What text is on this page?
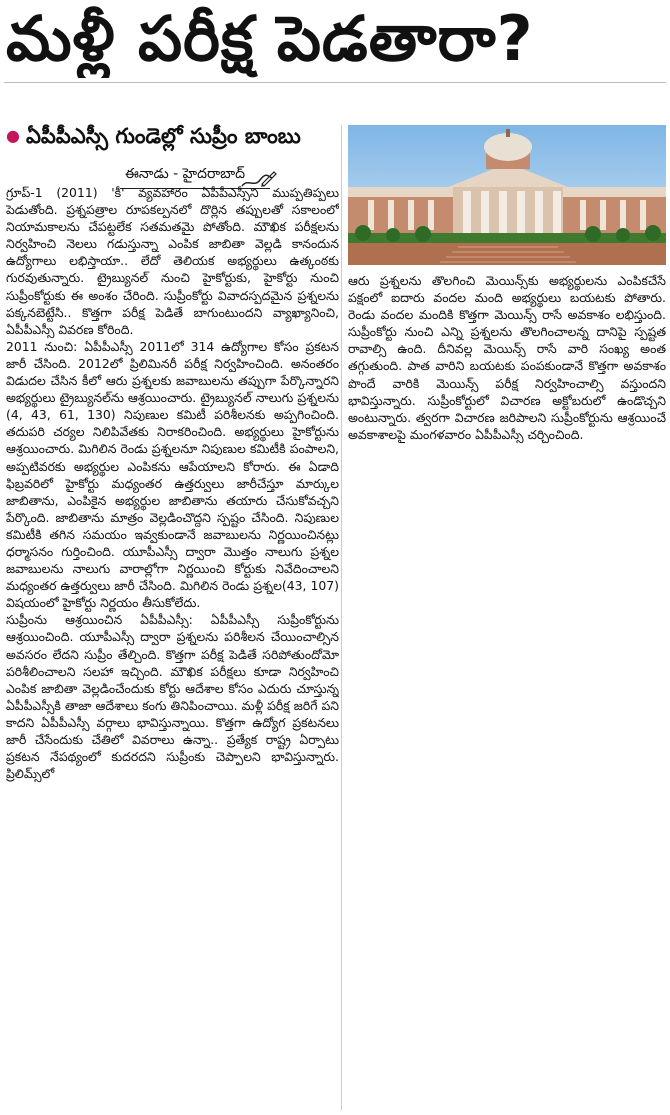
మళ్లీ పరీక్ష పెడతారా?
● ఏపీపీఎస్సీ గుండెల్లో సుప్రీం బాంబు
ఈనాడు - హైదరాబాద్

గ్రూప్-1 (2011) 'కీ' వ్యవహారం ఏపీపీఎస్సీని ముప్పతిప్పలు పెడుతోంది. ప్రశ్నపత్రాల రూపకల్పనలో దొర్లిన తప్పులతో సకాలంలో నియామకాలను చేపట్టలేక సతమతమై పోతోంది. మౌఖిక పరీక్షలను నిర్వహించి నెలలు గడుస్తున్నా ఎంపిక జాబితా వెల్లడి కానందున ఉద్యోగాలు లభిస్తాయా.. లేదో తెలియక అభ్యర్థులు ఉత్కంఠకు గురవుతున్నారు. ట్రైబ్యునల్ నుంచి హైకోర్టుకు, హైకోర్టు నుంచి సుప్రీంకోర్టుకు ఈ అంశం చేరింది. సుప్రీంకోర్టు వివాదస్పదమైన ప్రశ్నలను పక్కనబెట్టేసి.. కొత్తగా పరీక్ష పెడితే బాగుంటుందని వ్యాఖ్యానించి, ఏపీపీఎస్సీ వివరణ కోరింది.

2011 నుంచి: ఏపీపీఎస్సీ 2011లో 314 ఉద్యోగాల కోసం ప్రకటన జారీ చేసింది. 2012లో ప్రిలిమినరీ పరీక్ష నిర్వహించింది. అనంతరం విడుదల చేసిన కీలో ఆరు ప్రశ్నలకు జవాబులను తప్పుగా పేర్కొన్నారని అభ్యర్థులు ట్రైబ్యునల్‌ను ఆశ్రయించారు. ట్రైబ్యునల్ నాలుగు ప్రశ్నలను (4, 43, 61, 130) నిపుణుల కమిటీ పరిశీలనకు అప్పగించింది. తదుపరి చర్యల నిలిపివేతకు నిరాకరించింది. అభ్యర్థులు హైకోర్టును ఆశ్రయించారు. మిగిలిన రెండు ప్రశ్నలనూ నిపుణుల కమిటీకి పంపాలని, అప్పటివరకు అభ్యర్థుల ఎంపికను ఆపేయాలని కోరారు. ఈ ఏడాది ఫిబ్రవరిలో హైకోర్టు మధ్యంతర ఉత్తర్వులు జారీచేస్తూ మార్కుల జాబితాను, ఎంపికైన అభ్యర్థుల జాబితాను తయారు చేసుకోవచ్చని పేర్కొంది. జాబితాను మాత్రం వెల్లడించొద్దని స్పష్టం చేసింది. నిపుణుల కమిటీకి తగిన సమయం ఇవ్వకుండానే జవాబులను నిర్ణయించినట్లు ధర్మాసనం గుర్తించింది. యూపీఎస్సీ ద్వారా మొత్తం నాలుగు ప్రశ్నల జవాబులను నాలుగు వారాల్లోగా నిర్ణయించి కోర్టుకు నివేదించాలని మధ్యంతర ఉత్తర్వులు జారీ చేసింది. మిగిలిన రెండు ప్రశ్నల(43, 107) విషయంలో హైకోర్టు నిర్ణయం తీసుకోలేదు.

సుప్రీంను ఆశ్రయించిన ఏపీపీఎస్సీ: ఏపీపీఎస్సీ సుప్రీంకోర్టును ఆశ్రయించింది. యూపీఎస్సీ ద్వారా ప్రశ్నలను పరిశీలన చేయించాల్సిన అవసరం లేదని సుప్రీం తేల్చింది. కొత్తగా పరీక్ష పెడితే సరిపోతుందోమో పరిశీలించాలని సలహా ఇచ్చింది. మౌఖిక పరీక్షలు కూడా నిర్వహించి ఎంపిక జాబితా వెల్లడించేందుకు కోర్టు ఆదేశాల కోసం ఎదురు చూస్తున్న ఏపీపీఎస్సీకి తాజా ఆదేశాలు కంగు తినిపించాయి. మళ్లీ పరీక్ష జరిగే పని కాదని ఏపీపీఎస్సీ వర్గాలు భావిస్తున్నాయి. కొత్తగా ఉద్యోగ ప్రకటనలు జారీ చేసేందుకు చేతిలో వివరాలు ఉన్నా.. ప్రత్యేక రాష్ట్ర ఏర్పాటు ప్రకటన నేపథ్యంలో కుదరదని సుప్రీంకు చెప్పాలని భావిస్తున్నారు. ప్రిలిమ్స్‌లో

ఆరు ప్రశ్నలను తొలగించి మెయిన్స్‌కు అభ్యర్థులను ఎంపికచేసే పక్షంలో ఐదారు వందల మంది అభ్యర్థులు బయటకు పోతారు. రెండు వందల మందికి కొత్తగా మెయిన్స్ రాసే అవకాశం లభిస్తుంది. సుప్రీంకోర్టు నుంచి ఎన్ని ప్రశ్నలను తొలగించాలన్న దానిపై స్పష్టత రావాల్సి ఉంది. దీనివల్ల మెయిన్స్ రాసే వారి సంఖ్య అంత తగ్గుతుంది. పాత వారిని బయటకు పంపకుండానే కొత్తగా అవకాశం పొందే వారికి మెయిన్స్ పరీక్ష నిర్వహించాల్సి వస్తుందని భావిస్తున్నారు. సుప్రీంకోర్టులో విచారణ అక్టోబరులో ఉండొచ్చని అంటున్నారు. త్వరగా విచారణ జరిపాలని సుప్రీంకోర్టును ఆశ్రయించే అవకాశాలపై మంగళవారం ఏపీపీఎస్సీ చర్చించింది.
